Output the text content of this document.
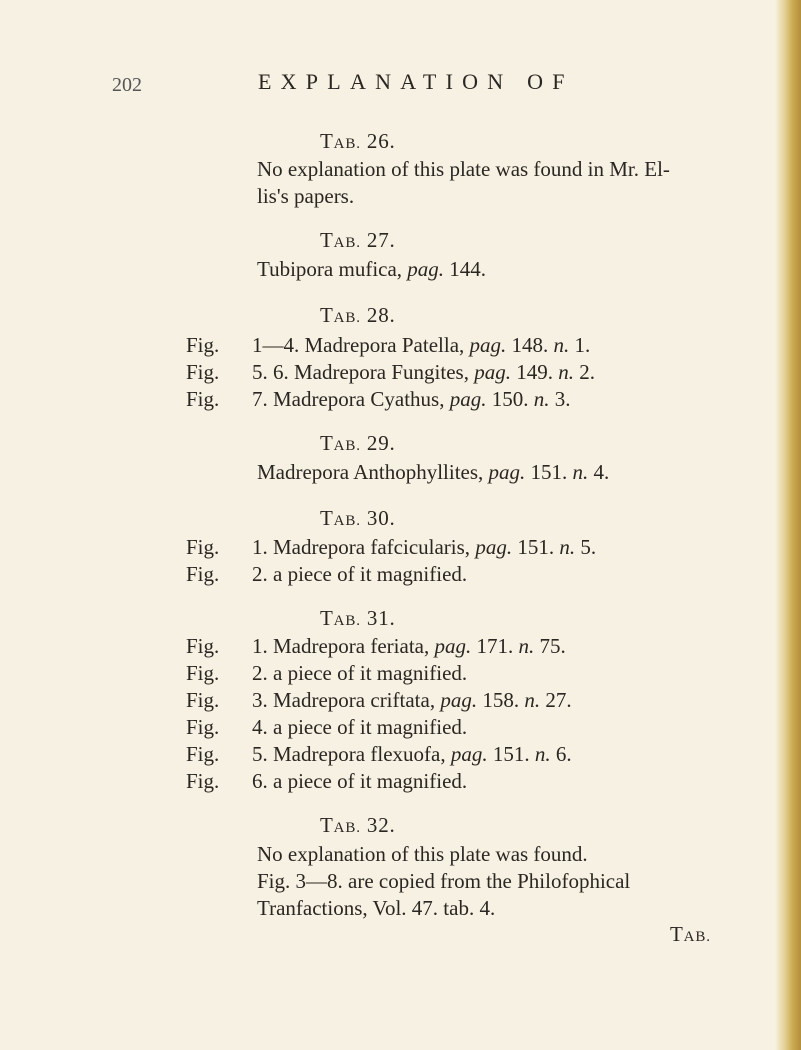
202	EXPLANATION OF
TAB. 26.
No explanation of this plate was found in Mr. El-
lis's papers.
TAB. 27.
Tubipora mufica, pag. 144.
TAB. 28.
Fig. 1—4. Madrepora Patella, pag. 148. n. 1.
Fig. 5. 6. Madrepora Fungites, pag. 149. n. 2.
Fig. 7. Madrepora Cyathus, pag. 150. n. 3.
TAB. 29.
Madrepora Anthophyllites, pag. 151. n. 4.
TAB. 30.
Fig. 1. Madrepora fafcicularis, pag. 151. n. 5.
Fig. 2. a piece of it magnified.
TAB. 31.
Fig. 1. Madrepora feriata, pag. 171. n. 75.
Fig. 2. a piece of it magnified.
Fig. 3. Madrepora criftata, pag. 158. n. 27.
Fig. 4. a piece of it magnified.
Fig. 5. Madrepora flexuofa, pag. 151. n. 6.
Fig. 6. a piece of it magnified.
TAB. 32.
No explanation of this plate was found.
Fig. 3—8. are copied from the Philofophical
Tranfactions, Vol. 47. tab. 4.
TAB.
